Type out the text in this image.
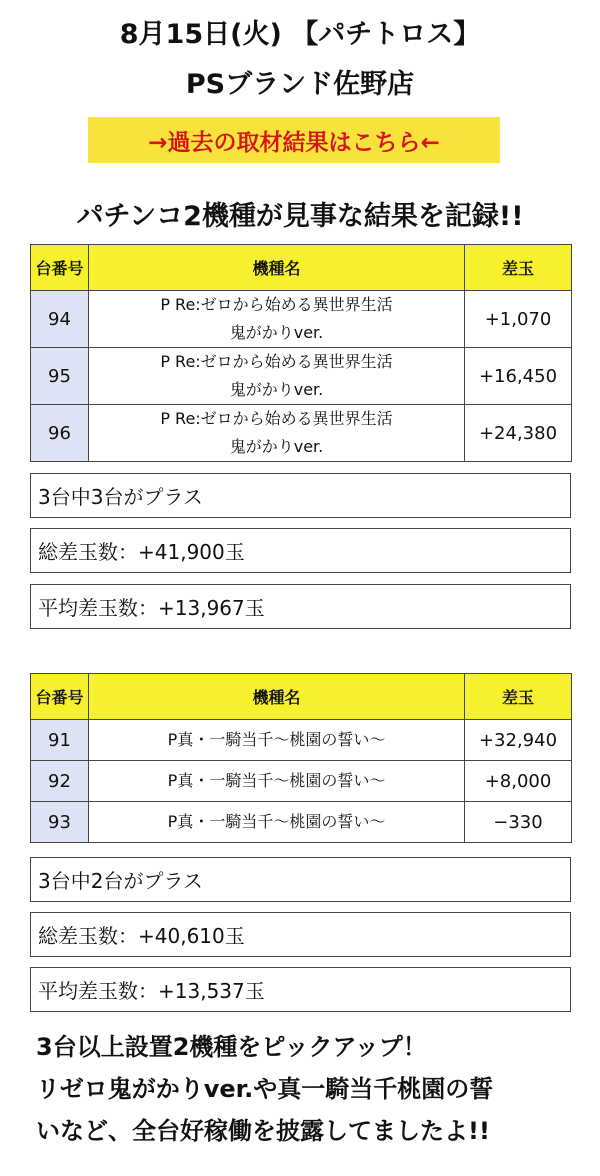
8月15日(火) 【パチトロス】
PSブランド佐野店
→過去の取材結果はこちら←
パチンコ2機種が見事な結果を記録!!
台番号	機種名	差玉
94	P Re:ゼロから始める異世界生活
鬼がかりver.	+1,070
95	P Re:ゼロから始める異世界生活
鬼がかりver.	+16,450
96	P Re:ゼロから始める異世界生活
鬼がかりver.	+24,380
3台中3台がプラス
総差玉数：+41,900玉
平均差玉数：+13,967玉
台番号	機種名	差玉
91	P真・一騎当千～桃園の誓い～	+32,940
92	P真・一騎当千～桃園の誓い～	+8,000
93	P真・一騎当千～桃園の誓い～	−330
3台中2台がプラス
総差玉数：+40,610玉
平均差玉数：+13,537玉
3台以上設置2機種をピックアップ！
リゼロ鬼がかりver.や真一騎当千桃園の誓
いなど、全台好稼働を披露してましたよ!!
